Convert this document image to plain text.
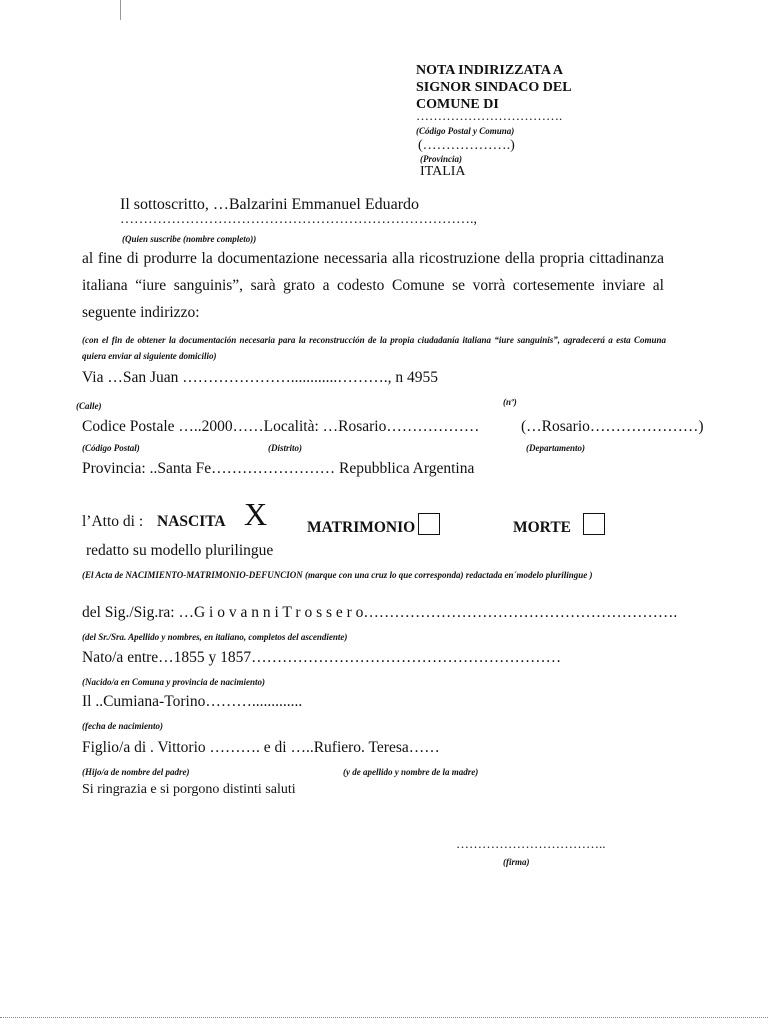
NOTA INDIRIZZATA A
SIGNOR SINDACO DEL
COMUNE DI
…………………………….
(Código Postal y Comuna)
(……………….)
(Provincia)
ITALIA
Il sottoscritto, …Balzarini Emmanuel Eduardo
………………………………………………………………….,
(Quien suscribe (nombre completo))
al fine di produrre la documentazione necessaria alla ricostruzione della propria cittadinanza italiana “iure sanguinis”, sarà grato a codesto Comune se vorrà cortesemente inviare al seguente indirizzo:
(con el fin de obtener la documentación necesaria para la reconstrucción de la propia ciudadanía italiana “iure sanguinis”, agradecerá a esta Comuna quiera enviar al siguiente domicilio)
Via …San Juan …………………............………., n 4955
(Calle)	(nº)
Codice Postale …..2000……Località: …Rosario………………	(…Rosario…………………)
(Código Postal)	(Distrito)	(Departamento)
Provincia: ..Santa Fe…………………… Repubblica Argentina
l’Atto di : NASCITA X	MATRIMONIO	MORTE
redatto su modello plurilingue
(El Acta de NACIMIENTO-MATRIMONIO-DEFUNCION (marque con una cruz lo que corresponda) redactada en´modelo plurilingue )
del Sig./Sig.ra: …G i o v a n n i T r o s s e r o…………………………………………………….
(del Sr./Sra. Apellido y nombres, en italiano, completos del ascendiente)
Nato/a entre…1855 y 1857……………………………………………………
(Nacido/a en Comuna y provincia de nacimiento)
Il ..Cumiana-Torino……….............
(fecha de nacimiento)
Figlio/a di . Vittorio ………. e di …..Rufiero. Teresa……
(Hijo/a de nombre del padre)	(y de apellido y nombre de la madre)
Si ringrazia e si porgono distinti saluti
……………………………..
(firma)
